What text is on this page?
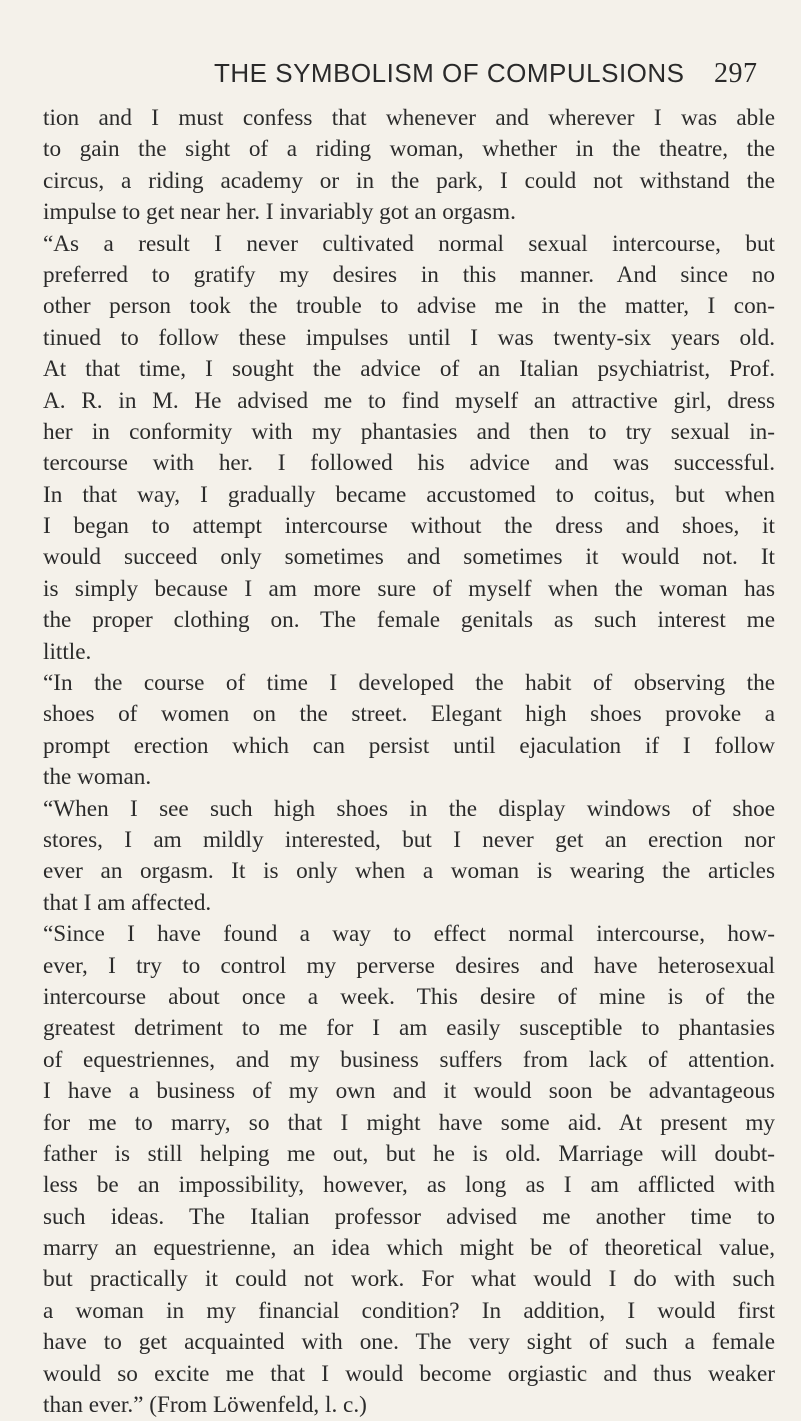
THE SYMBOLISM OF COMPULSIONS 297
tion and I must confess that whenever and wherever I was able
to gain the sight of a riding woman, whether in the theatre, the
circus, a riding academy or in the park, I could not withstand the
impulse to get near her. I invariably got an orgasm.
“As a result I never cultivated normal sexual intercourse, but
preferred to gratify my desires in this manner. And since no
other person took the trouble to advise me in the matter, I con-
tinued to follow these impulses until I was twenty-six years old.
At that time, I sought the advice of an Italian psychiatrist, Prof.
A. R. in M. He advised me to find myself an attractive girl, dress
her in conformity with my phantasies and then to try sexual in-
tercourse with her. I followed his advice and was successful.
In that way, I gradually became accustomed to coitus, but when
I began to attempt intercourse without the dress and shoes, it
would succeed only sometimes and sometimes it would not. It
is simply because I am more sure of myself when the woman has
the proper clothing on. The female genitals as such interest me
little.
“In the course of time I developed the habit of observing the
shoes of women on the street. Elegant high shoes provoke a
prompt erection which can persist until ejaculation if I follow
the woman.
“When I see such high shoes in the display windows of shoe
stores, I am mildly interested, but I never get an erection nor
ever an orgasm. It is only when a woman is wearing the articles
that I am affected.
“Since I have found a way to effect normal intercourse, how-
ever, I try to control my perverse desires and have heterosexual
intercourse about once a week. This desire of mine is of the
greatest detriment to me for I am easily susceptible to phantasies
of equestriennes, and my business suffers from lack of attention.
I have a business of my own and it would soon be advantageous
for me to marry, so that I might have some aid. At present my
father is still helping me out, but he is old. Marriage will doubt-
less be an impossibility, however, as long as I am afflicted with
such ideas. The Italian professor advised me another time to
marry an equestrienne, an idea which might be of theoretical value,
but practically it could not work. For what would I do with such
a woman in my financial condition? In addition, I would first
have to get acquainted with one. The very sight of such a female
would so excite me that I would become orgiastic and thus weaker
than ever.” (From Löwenfeld, l. c.)
